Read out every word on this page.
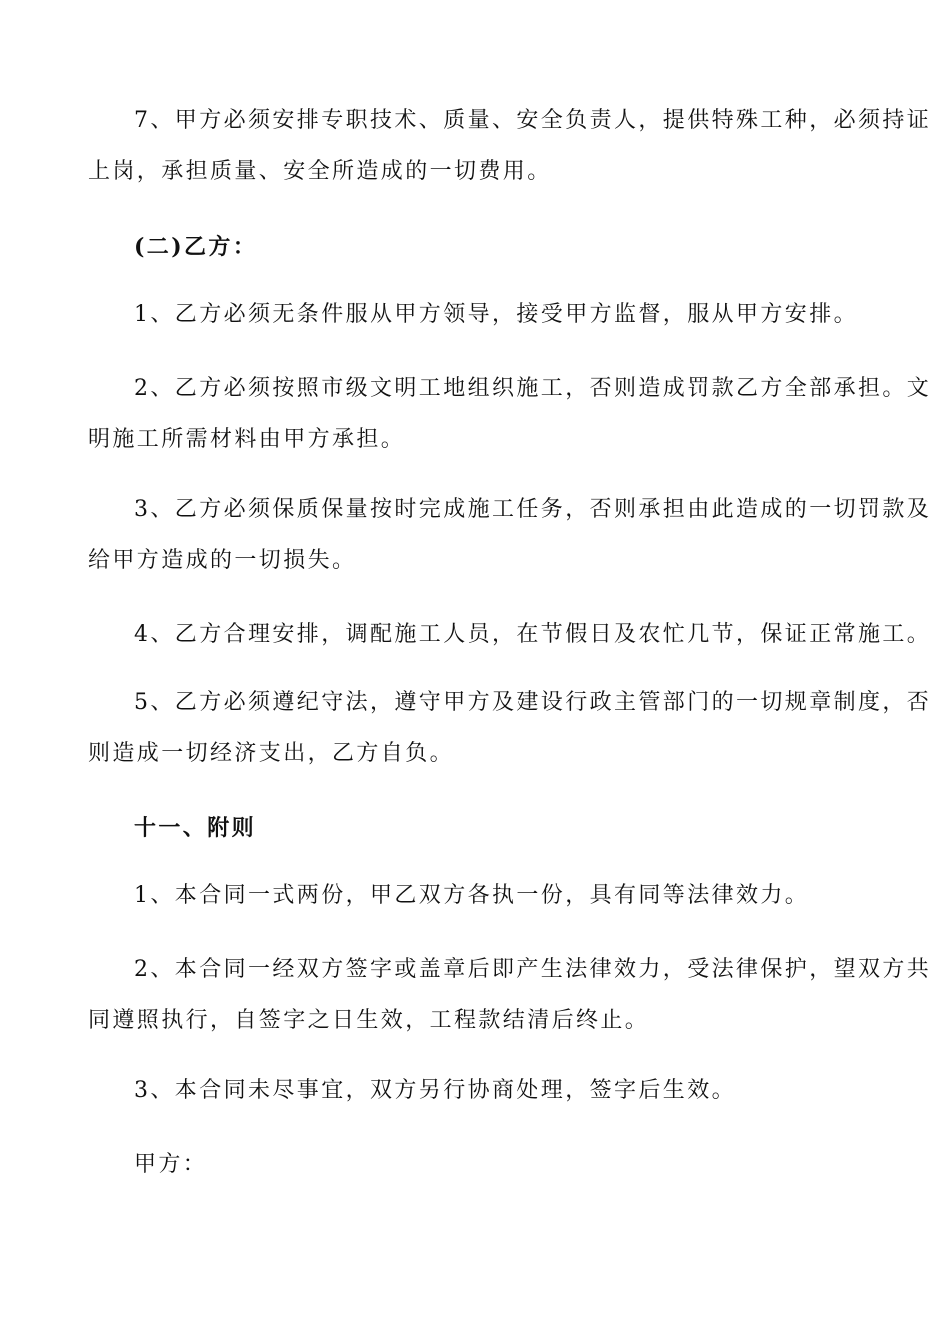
7、甲方必须安排专职技术、质量、安全负责人，提供特殊工种，必须持证
上岗，承担质量、安全所造成的一切费用。
(二)乙方：
1、乙方必须无条件服从甲方领导，接受甲方监督，服从甲方安排。
2、乙方必须按照市级文明工地组织施工，否则造成罚款乙方全部承担。文
明施工所需材料由甲方承担。
3、乙方必须保质保量按时完成施工任务，否则承担由此造成的一切罚款及
给甲方造成的一切损失。
4、乙方合理安排，调配施工人员，在节假日及农忙几节，保证正常施工。
5、乙方必须遵纪守法，遵守甲方及建设行政主管部门的一切规章制度，否
则造成一切经济支出，乙方自负。
十一、附则
1、本合同一式两份，甲乙双方各执一份，具有同等法律效力。
2、本合同一经双方签字或盖章后即产生法律效力，受法律保护，望双方共
同遵照执行，自签字之日生效，工程款结清后终止。
3、本合同未尽事宜，双方另行协商处理，签字后生效。
甲方：
